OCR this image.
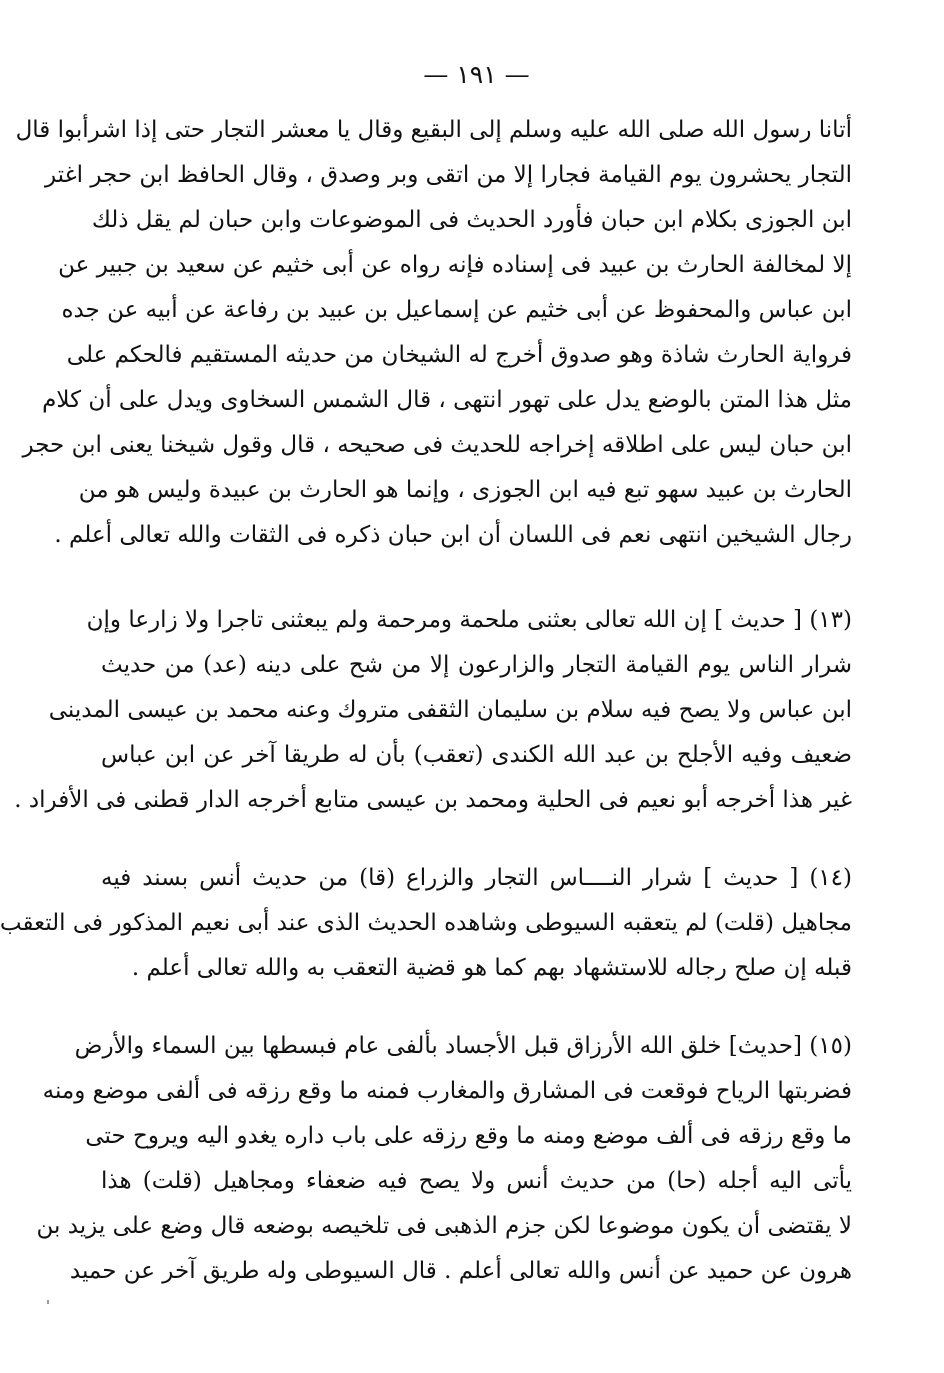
— ١٩١ —

أتانا رسول الله صلى الله عليه وسلم إلى البقيع وقال يا معشر التجار حتى إذا اشرأبوا قال
التجار يحشرون يوم القيامة فجارا إلا من اتقى وبر وصدق ، وقال الحافظ ابن حجر اغتر
ابن الجوزى بكلام ابن حبان فأورد الحديث فى الموضوعات وابن حبان لم يقل ذلك
إلا لمخالفة الحارث بن عبيد فى إسناده فإنه رواه عن أبى خثيم عن سعيد بن جبير عن
ابن عباس والمحفوظ عن أبى خثيم عن إسماعيل بن عبيد بن رفاعة عن أبيه عن جده
فرواية الحارث شاذة وهو صدوق أخرج له الشيخان من حديثه المستقيم فالحكم على
مثل هذا المتن بالوضع يدل على تهور انتهى ، قال الشمس السخاوى ويدل على أن كلام
ابن حبان ليس على اطلاقه إخراجه للحديث فى صحيحه ، قال وقول شيخنا يعنى ابن حجر
الحارث بن عبيد سهو تبع فيه ابن الجوزى ، وإنما هو الحارث بن عبيدة وليس هو من
رجال الشيخين انتهى نعم فى اللسان أن ابن حبان ذكره فى الثقات والله تعالى أعلم .

(١٣) [ حديث ] إن الله تعالى بعثنى ملحمة ومرحمة ولم يبعثنى تاجرا ولا زارعا وإن
شرار الناس يوم القيامة التجار والزارعون إلا من شح على دينه (عد) من حديث
ابن عباس ولا يصح فيه سلام بن سليمان الثقفى متروك وعنه محمد بن عيسى المدينى
ضعيف وفيه الأجلح بن عبد الله الكندى (تعقب) بأن له طريقا آخر عن ابن عباس
غير هذا أخرجه أبو نعيم فى الحلية ومحمد بن عيسى متابع أخرجه الدار قطنى فى الأفراد .

(١٤) [ حديث ] شرار النــــاس التجار والزراع (قا) من حديث أنس بسند فيه
مجاهيل (قلت) لم يتعقبه السيوطى وشاهده الحديث الذى عند أبى نعيم المذكور فى التعقب
قبله إن صلح رجاله للاستشهاد بهم كما هو قضية التعقب به والله تعالى أعلم .

(١٥) [حديث] خلق الله الأرزاق قبل الأجساد بألفى عام فبسطها بين السماء والأرض
فضربتها الرياح فوقعت فى المشارق والمغارب فمنه ما وقع رزقه فى ألفى موضع ومنه
ما وقع رزقه فى ألف موضع ومنه ما وقع رزقه على باب داره يغدو اليه ويروح حتى
يأتى اليه أجله (حا) من حديث أنس ولا يصح فيه ضعفاء ومجاهيل (قلت) هذا
لا يقتضى أن يكون موضوعا لكن جزم الذهبى فى تلخيصه بوضعه قال وضع على يزيد بن
هرون عن حميد عن أنس والله تعالى أعلم . قال السيوطى وله طريق آخر عن حميد
